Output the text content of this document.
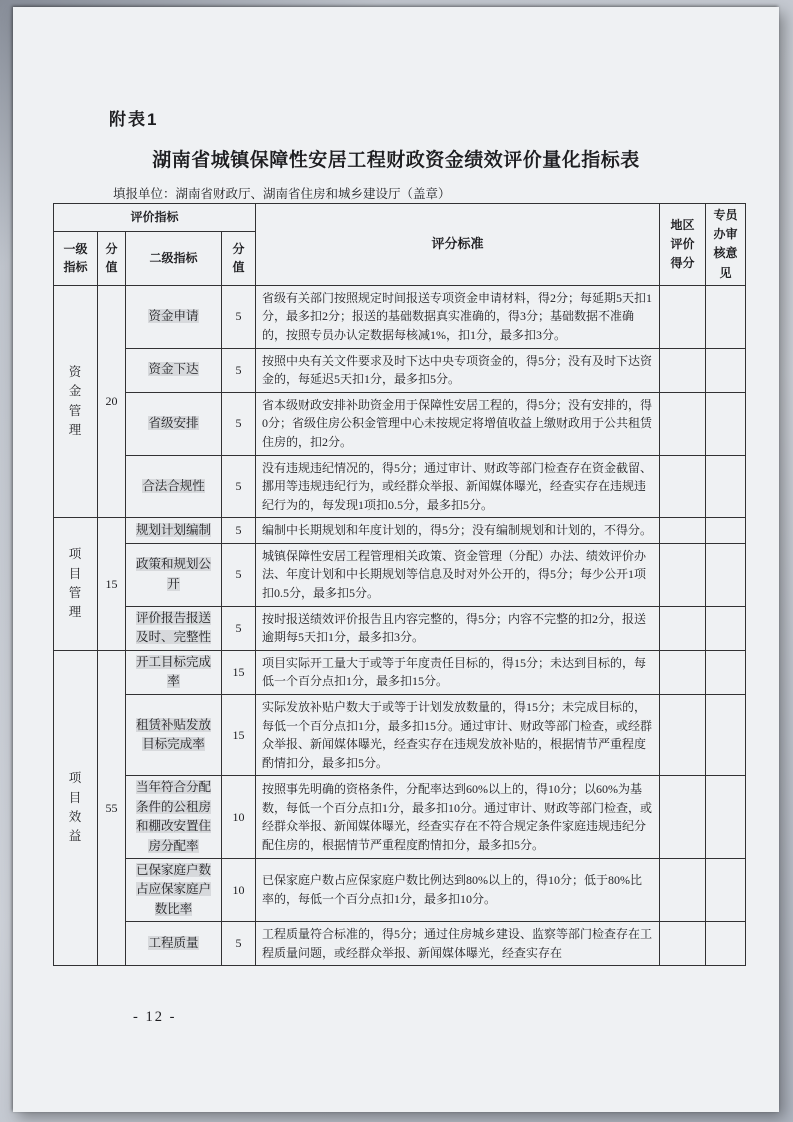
附表1
湖南省城镇保障性安居工程财政资金绩效评价量化指标表
填报单位：湖南省财政厅、湖南省住房和城乡建设厅（盖章）
评价指标				评分标准	地区评价得分	专员办审核意见
一级指标	分值	二级指标	分值			
资金管理	20	资金申请	5	省级有关部门按照规定时间报送专项资金申请材料，得2分；每延期5天扣1分，最多扣2分；报送的基础数据真实准确的，得3分；基础数据不准确的，按照专员办认定数据每核减1%，扣1分，最多扣3分。		
		资金下达	5	按照中央有关文件要求及时下达中央专项资金的，得5分；没有及时下达资金的，每延迟5天扣1分，最多扣5分。		
		省级安排	5	省本级财政安排补助资金用于保障性安居工程的，得5分；没有安排的，得0分；省级住房公积金管理中心未按规定将增值收益上缴财政用于公共租赁住房的，扣2分。		
		合法合规性	5	没有违规违纪情况的，得5分；通过审计、财政等部门检查存在资金截留、挪用等违规违纪行为，或经群众举报、新闻媒体曝光，经查实存在违规违纪行为的，每发现1项扣0.5分，最多扣5分。		
项目管理	15	规划计划编制	5	编制中长期规划和年度计划的，得5分；没有编制规划和计划的，不得分。		
		政策和规划公开	5	城镇保障性安居工程管理相关政策、资金管理（分配）办法、绩效评价办法、年度计划和中长期规划等信息及时对外公开的，得5分；每少公开1项扣0.5分，最多扣5分。		
		评价报告报送及时、完整性	5	按时报送绩效评价报告且内容完整的，得5分；内容不完整的扣2分，报送逾期每5天扣1分，最多扣3分。		
项目效益	55	开工目标完成率	15	项目实际开工量大于或等于年度责任目标的，得15分；未达到目标的，每低一个百分点扣1分，最多扣15分。		
		租赁补贴发放目标完成率	15	实际发放补贴户数大于或等于计划发放数量的，得15分；未完成目标的，每低一个百分点扣1分，最多扣15分。通过审计、财政等部门检查，或经群众举报、新闻媒体曝光，经查实存在违规发放补贴的，根据情节严重程度酌情扣分，最多扣5分。		
		当年符合分配条件的公租房和棚改安置住房分配率	10	按照事先明确的资格条件，分配率达到60%以上的，得10分；以60%为基数，每低一个百分点扣1分，最多扣10分。通过审计、财政等部门检查，或经群众举报、新闻媒体曝光，经查实存在不符合规定条件家庭违规违纪分配住房的，根据情节严重程度酌情扣分，最多扣5分。		
		已保家庭户数占应保家庭户数比率	10	已保家庭户数占应保家庭户数比例达到80%以上的，得10分；低于80%比率的，每低一个百分点扣1分，最多扣10分。		
		工程质量	5	工程质量符合标准的，得5分；通过住房城乡建设、监察等部门检查存在工程质量问题，或经群众举报、新闻媒体曝光，经查实存在		
- 12 -
